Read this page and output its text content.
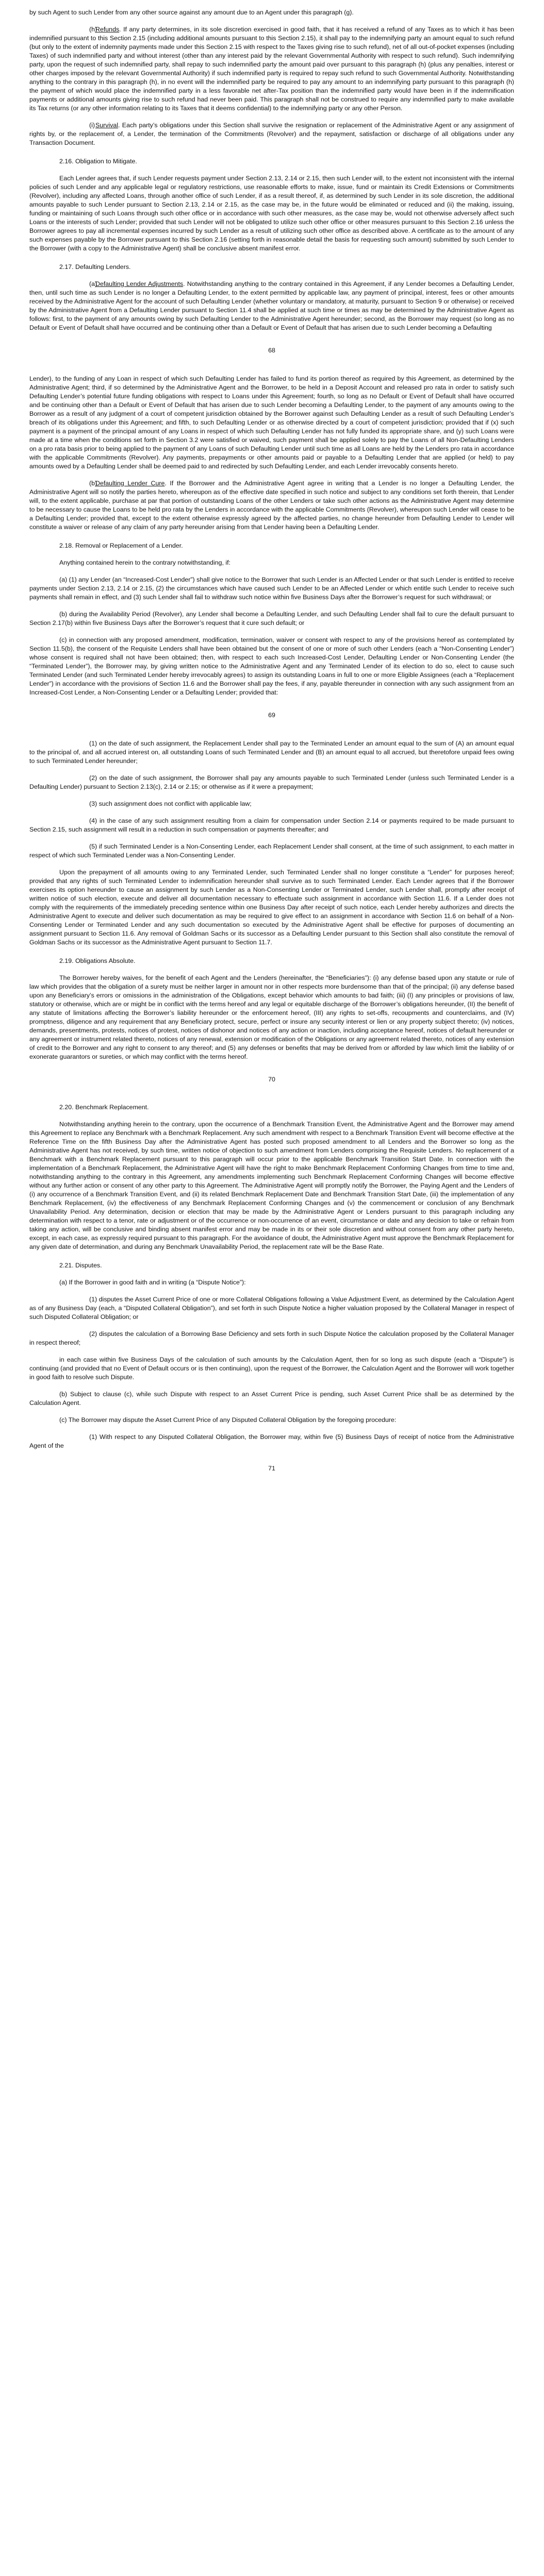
by such Agent to such Lender from any other source against any amount due to an Agent under this paragraph (g).

(h)Refunds. If any party determines, in its sole discretion exercised in good faith, that it has received a refund of any Taxes as to which it has been indemnified pursuant to this Section 2.15 (including additional amounts pursuant to this Section 2.15), it shall pay to the indemnifying party an amount equal to such refund (but only to the extent of indemnity payments made under this Section 2.15 with respect to the Taxes giving rise to such refund), net of all out-of-pocket expenses (including Taxes) of such indemnified party and without interest (other than any interest paid by the relevant Governmental Authority with respect to such refund). Such indemnifying party, upon the request of such indemnified party, shall repay to such indemnified party the amount paid over pursuant to this paragraph (h) (plus any penalties, interest or other charges imposed by the relevant Governmental Authority) if such indemnified party is required to repay such refund to such Governmental Authority. Notwithstanding anything to the contrary in this paragraph (h), in no event will the indemnified party be required to pay any amount to an indemnifying party pursuant to this paragraph (h) the payment of which would place the indemnified party in a less favorable net after-Tax position than the indemnified party would have been in if the indemnification payments or additional amounts giving rise to such refund had never been paid. This paragraph shall not be construed to require any indemnified party to make available its Tax returns (or any other information relating to its Taxes that it deems confidential) to the indemnifying party or any other Person.

(i)Survival. Each party’s obligations under this Section shall survive the resignation or replacement of the Administrative Agent or any assignment of rights by, or the replacement of, a Lender, the termination of the Commitments (Revolver) and the repayment, satisfaction or discharge of all obligations under any Transaction Document.

2.16. Obligation to Mitigate.

Each Lender agrees that, if such Lender requests payment under Section 2.13, 2.14 or 2.15, then such Lender will, to the extent not inconsistent with the internal policies of such Lender and any applicable legal or regulatory restrictions, use reasonable efforts to make, issue, fund or maintain its Credit Extensions or Commitments (Revolver), including any affected Loans, through another office of such Lender, if as a result thereof, if, as determined by such Lender in its sole discretion, the additional amounts payable to such Lender pursuant to Section 2.13, 2.14 or 2.15, as the case may be, in the future would be eliminated or reduced and (ii) the making, issuing, funding or maintaining of such Loans through such other office or in accordance with such other measures, as the case may be, would not otherwise adversely affect such Loans or the interests of such Lender; provided that such Lender will not be obligated to utilize such other office or other measures pursuant to this Section 2.16 unless the Borrower agrees to pay all incremental expenses incurred by such Lender as a result of utilizing such other office as described above. A certificate as to the amount of any such expenses payable by the Borrower pursuant to this Section 2.16 (setting forth in reasonable detail the basis for requesting such amount) submitted by such Lender to the Borrower (with a copy to the Administrative Agent) shall be conclusive absent manifest error.

2.17. Defaulting Lenders.

(a)Defaulting Lender Adjustments. Notwithstanding anything to the contrary contained in this Agreement, if any Lender becomes a Defaulting Lender, then, until such time as such Lender is no longer a Defaulting Lender, to the extent permitted by applicable law, any payment of principal, interest, fees or other amounts received by the Administrative Agent for the account of such Defaulting Lender (whether voluntary or mandatory, at maturity, pursuant to Section 9 or otherwise) or received by the Administrative Agent from a Defaulting Lender pursuant to Section 11.4 shall be applied at such time or times as may be determined by the Administrative Agent as follows: first, to the payment of any amounts owing by such Defaulting Lender to the Administrative Agent hereunder; second, as the Borrower may request (so long as no Default or Event of Default shall have occurred and be continuing other than a Default or Event of Default that has arisen due to such Lender becoming a Defaulting

68

Lender), to the funding of any Loan in respect of which such Defaulting Lender has failed to fund its portion thereof as required by this Agreement, as determined by the Administrative Agent; third, if so determined by the Administrative Agent and the Borrower, to be held in a Deposit Account and released pro rata in order to satisfy such Defaulting Lender’s potential future funding obligations with respect to Loans under this Agreement; fourth, so long as no Default or Event of Default shall have occurred and be continuing other than a Default or Event of Default that has arisen due to such Lender becoming a Defaulting Lender, to the payment of any amounts owing to the Borrower as a result of any judgment of a court of competent jurisdiction obtained by the Borrower against such Defaulting Lender as a result of such Defaulting Lender’s breach of its obligations under this Agreement; and fifth, to such Defaulting Lender or as otherwise directed by a court of competent jurisdiction; provided that if (x) such payment is a payment of the principal amount of any Loans in respect of which such Defaulting Lender has not fully funded its appropriate share, and (y) such Loans were made at a time when the conditions set forth in Section 3.2 were satisfied or waived, such payment shall be applied solely to pay the Loans of all Non-Defaulting Lenders on a pro rata basis prior to being applied to the payment of any Loans of such Defaulting Lender until such time as all Loans are held by the Lenders pro rata in accordance with the applicable Commitments (Revolver). Any payments, prepayments or other amounts paid or payable to a Defaulting Lender that are applied (or held) to pay amounts owed by a Defaulting Lender shall be deemed paid to and redirected by such Defaulting Lender, and each Lender irrevocably consents hereto.

(b)Defaulting Lender Cure. If the Borrower and the Administrative Agent agree in writing that a Lender is no longer a Defaulting Lender, the Administrative Agent will so notify the parties hereto, whereupon as of the effective date specified in such notice and subject to any conditions set forth therein, that Lender will, to the extent applicable, purchase at par that portion of outstanding Loans of the other Lenders or take such other actions as the Administrative Agent may determine to be necessary to cause the Loans to be held pro rata by the Lenders in accordance with the applicable Commitments (Revolver), whereupon such Lender will cease to be a Defaulting Lender; provided that, except to the extent otherwise expressly agreed by the affected parties, no change hereunder from Defaulting Lender to Lender will constitute a waiver or release of any claim of any party hereunder arising from that Lender having been a Defaulting Lender.

2.18. Removal or Replacement of a Lender.

Anything contained herein to the contrary notwithstanding, if:

(a) (1) any Lender (an “Increased-Cost Lender”) shall give notice to the Borrower that such Lender is an Affected Lender or that such Lender is entitled to receive payments under Section 2.13, 2.14 or 2.15, (2) the circumstances which have caused such Lender to be an Affected Lender or which entitle such Lender to receive such payments shall remain in effect, and (3) such Lender shall fail to withdraw such notice within five Business Days after the Borrower’s request for such withdrawal; or

(b) during the Availability Period (Revolver), any Lender shall become a Defaulting Lender, and such Defaulting Lender shall fail to cure the default pursuant to Section 2.17(b) within five Business Days after the Borrower’s request that it cure such default; or

(c) in connection with any proposed amendment, modification, termination, waiver or consent with respect to any of the provisions hereof as contemplated by Section 11.5(b), the consent of the Requisite Lenders shall have been obtained but the consent of one or more of such other Lenders (each a “Non-Consenting Lender”) whose consent is required shall not have been obtained; then, with respect to each such Increased-Cost Lender, Defaulting Lender or Non-Consenting Lender (the “Terminated Lender”), the Borrower may, by giving written notice to the Administrative Agent and any Terminated Lender of its election to do so, elect to cause such Terminated Lender (and such Terminated Lender hereby irrevocably agrees) to assign its outstanding Loans in full to one or more Eligible Assignees (each a “Replacement Lender”) in accordance with the provisions of Section 11.6 and the Borrower shall pay the fees, if any, payable thereunder in connection with any such assignment from an Increased-Cost Lender, a Non-Consenting Lender or a Defaulting Lender; provided that:

69

(1) on the date of such assignment, the Replacement Lender shall pay to the Terminated Lender an amount equal to the sum of (A) an amount equal to the principal of, and all accrued interest on, all outstanding Loans of such Terminated Lender and (B) an amount equal to all accrued, but theretofore unpaid fees owing to such Terminated Lender hereunder;

(2) on the date of such assignment, the Borrower shall pay any amounts payable to such Terminated Lender (unless such Terminated Lender is a Defaulting Lender) pursuant to Section 2.13(c), 2.14 or 2.15; or otherwise as if it were a prepayment;

(3) such assignment does not conflict with applicable law;

(4) in the case of any such assignment resulting from a claim for compensation under Section 2.14 or payments required to be made pursuant to Section 2.15, such assignment will result in a reduction in such compensation or payments thereafter; and

(5) if such Terminated Lender is a Non-Consenting Lender, each Replacement Lender shall consent, at the time of such assignment, to each matter in respect of which such Terminated Lender was a Non-Consenting Lender.

Upon the prepayment of all amounts owing to any Terminated Lender, such Terminated Lender shall no longer constitute a “Lender” for purposes hereof; provided that any rights of such Terminated Lender to indemnification hereunder shall survive as to such Terminated Lender. Each Lender agrees that if the Borrower exercises its option hereunder to cause an assignment by such Lender as a Non-Consenting Lender or Terminated Lender, such Lender shall, promptly after receipt of written notice of such election, execute and deliver all documentation necessary to effectuate such assignment in accordance with Section 11.6. If a Lender does not comply with the requirements of the immediately preceding sentence within one Business Day after receipt of such notice, each Lender hereby authorizes and directs the Administrative Agent to execute and deliver such documentation as may be required to give effect to an assignment in accordance with Section 11.6 on behalf of a Non-Consenting Lender or Terminated Lender and any such documentation so executed by the Administrative Agent shall be effective for purposes of documenting an assignment pursuant to Section 11.6. Any removal of Goldman Sachs or its successor as a Defaulting Lender pursuant to this Section shall also constitute the removal of Goldman Sachs or its successor as the Administrative Agent pursuant to Section 11.7.

2.19. Obligations Absolute.

The Borrower hereby waives, for the benefit of each Agent and the Lenders (hereinafter, the “Beneficiaries”): (i) any defense based upon any statute or rule of law which provides that the obligation of a surety must be neither larger in amount nor in other respects more burdensome than that of the principal; (ii) any defense based upon any Beneficiary’s errors or omissions in the administration of the Obligations, except behavior which amounts to bad faith; (iii) (I) any principles or provisions of law, statutory or otherwise, which are or might be in conflict with the terms hereof and any legal or equitable discharge of the Borrower’s obligations hereunder, (II) the benefit of any statute of limitations affecting the Borrower’s liability hereunder or the enforcement hereof, (III) any rights to set-offs, recoupments and counterclaims, and (IV) promptness, diligence and any requirement that any Beneficiary protect, secure, perfect or insure any security interest or lien or any property subject thereto; (iv) notices, demands, presentments, protests, notices of protest, notices of dishonor and notices of any action or inaction, including acceptance hereof, notices of default hereunder or any agreement or instrument related thereto, notices of any renewal, extension or modification of the Obligations or any agreement related thereto, notices of any extension of credit to the Borrower and any right to consent to any thereof; and (5) any defenses or benefits that may be derived from or afforded by law which limit the liability of or exonerate guarantors or sureties, or which may conflict with the terms hereof.

70
2.20. Benchmark Replacement.

Notwithstanding anything herein to the contrary, upon the occurrence of a Benchmark Transition Event, the Administrative Agent and the Borrower may amend this Agreement to replace any Benchmark with a Benchmark Replacement. Any such amendment with respect to a Benchmark Transition Event will become effective at the Reference Time on the fifth Business Day after the Administrative Agent has posted such proposed amendment to all Lenders and the Borrower so long as the Administrative Agent has not received, by such time, written notice of objection to such amendment from Lenders comprising the Requisite Lenders. No replacement of a Benchmark with a Benchmark Replacement pursuant to this paragraph will occur prior to the applicable Benchmark Transition Start Date. In connection with the implementation of a Benchmark Replacement, the Administrative Agent will have the right to make Benchmark Replacement Conforming Changes from time to time and, notwithstanding anything to the contrary in this Agreement, any amendments implementing such Benchmark Replacement Conforming Changes will become effective without any further action or consent of any other party to this Agreement. The Administrative Agent will promptly notify the Borrower, the Paying Agent and the Lenders of (i) any occurrence of a Benchmark Transition Event, and (ii) its related Benchmark Replacement Date and Benchmark Transition Start Date, (iii) the implementation of any Benchmark Replacement, (iv) the effectiveness of any Benchmark Replacement Conforming Changes and (v) the commencement or conclusion of any Benchmark Unavailability Period. Any determination, decision or election that may be made by the Administrative Agent or Lenders pursuant to this paragraph including any determination with respect to a tenor, rate or adjustment or of the occurrence or non-occurrence of an event, circumstance or date and any decision to take or refrain from taking any action, will be conclusive and binding absent manifest error and may be made in its or their sole discretion and without consent from any other party hereto, except, in each case, as expressly required pursuant to this paragraph. For the avoidance of doubt, the Administrative Agent must approve the Benchmark Replacement for any given date of determination, and during any Benchmark Unavailability Period, the replacement rate will be the Base Rate.

2.21. Disputes.

(a) If the Borrower in good faith and in writing (a “Dispute Notice”):

(1) disputes the Asset Current Price of one or more Collateral Obligations following a Value Adjustment Event, as determined by the Calculation Agent as of any Business Day (each, a “Disputed Collateral Obligation”), and set forth in such Dispute Notice a higher valuation proposed by the Collateral Manager in respect of such Disputed Collateral Obligation; or

(2) disputes the calculation of a Borrowing Base Deficiency and sets forth in such Dispute Notice the calculation proposed by the Collateral Manager in respect thereof;

in each case within five Business Days of the calculation of such amounts by the Calculation Agent, then for so long as such dispute (each a “Dispute”) is continuing (and provided that no Event of Default occurs or is then continuing), upon the request of the Borrower, the Calculation Agent and the Borrower will work together in good faith to resolve such Dispute.

(b) Subject to clause (c), while such Dispute with respect to an Asset Current Price is pending, such Asset Current Price shall be as determined by the Calculation Agent.

(c) The Borrower may dispute the Asset Current Price of any Disputed Collateral Obligation by the foregoing procedure:

(1) With respect to any Disputed Collateral Obligation, the Borrower may, within five (5) Business Days of receipt of notice from the Administrative Agent of the

71
